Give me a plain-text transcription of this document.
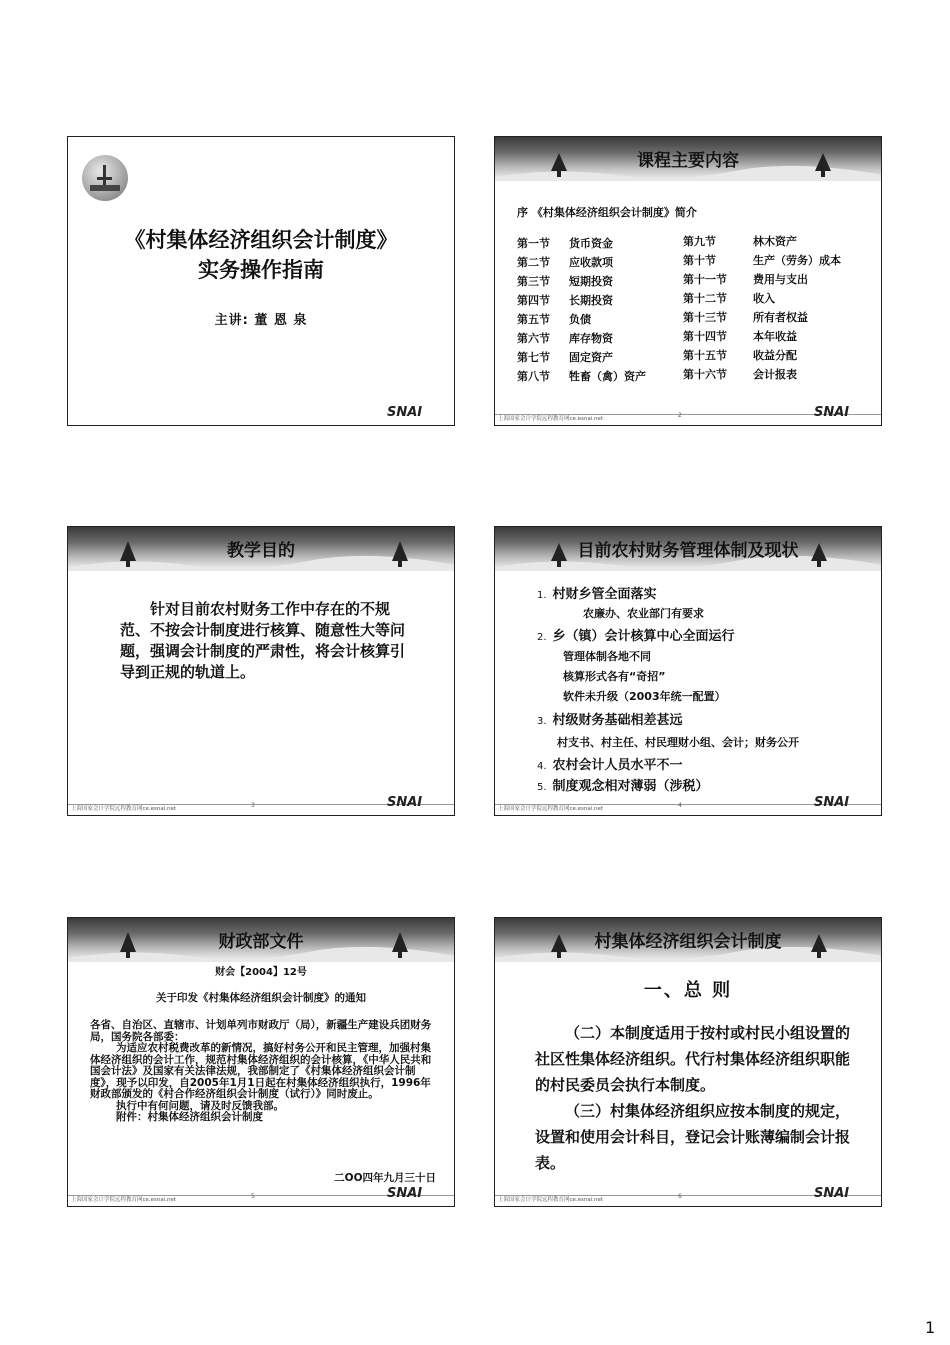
《村集体经济组织会计制度》
实务操作指南
主讲: 董 恩 泉
SNAI
课程主要内容
序 《村集体经济组织会计制度》简介
第一节 货币资金
第二节 应收款项
第三节 短期投资
第四节 长期投资
第五节 负债
第六节 库存物资
第七节 固定资产
第八节 牲畜（禽）资产
第九节	林木资产
第十节	生产（劳务）成本
第十一节 费用与支出
第十二节 收入
第十三节 所有者权益
第十四节 本年收益
第十五节 收益分配
第十六节 会计报表
上海国家会计学院远程教育网ce.esnai.net	2	SNAI
教学目的
针对目前农村财务工作中存在的不规范、不按会计制度进行核算、随意性大等问题，强调会计制度的严肃性，将会计核算引导到正规的轨道上。
上海国家会计学院远程教育网ce.esnai.net	3	SNAI
目前农村财务管理体制及现状
1. 村财乡管全面落实
农廉办、农业部门有要求
2. 乡（镇）会计核算中心全面运行
管理体制各地不同
核算形式各有“奇招”
软件未升级（2003年统一配置）
3. 村级财务基础相差甚远
村支书、村主任、村民理财小组、会计；财务公开
4. 农村会计人员水平不一
5. 制度观念相对薄弱（涉税）
上海国家会计学院远程教育网ce.esnai.net	4	SNAI
财政部文件
财会【2004】12号
关于印发《村集体经济组织会计制度》的通知

各省、自治区、直辖市、计划单列市财政厅（局），新疆生产建设兵团财务局，国务院各部委：

为适应农村税费改革的新情况，搞好村务公开和民主管理，加强村集体经济组织的会计工作，规范村集体经济组织的会计核算，《中华人民共和国会计法》及国家有关法律法规，我部制定了《村集体经济组织会计制度》，现予以印发，自2005年1月1日起在村集体经济组织执行，1996年财政部颁发的《村合作经济组织会计制度（试行）》同时废止。

执行中有何问题，请及时反馈我部。

附件：村集体经济组织会计制度

二OO四年九月三十日
上海国家会计学院远程教育网ce.esnai.net	5	SNAI
村集体经济组织会计制度
一、总 则

（二）本制度适用于按村或村民小组设置的社区性集体经济组织。代行村集体经济组织职能的村民委员会执行本制度。

（三）村集体经济组织应按本制度的规定，设置和使用会计科目，登记会计账薄编制会计报表。

上海国家会计学院远程教育网ce.esnai.net	6	SNAI
1
